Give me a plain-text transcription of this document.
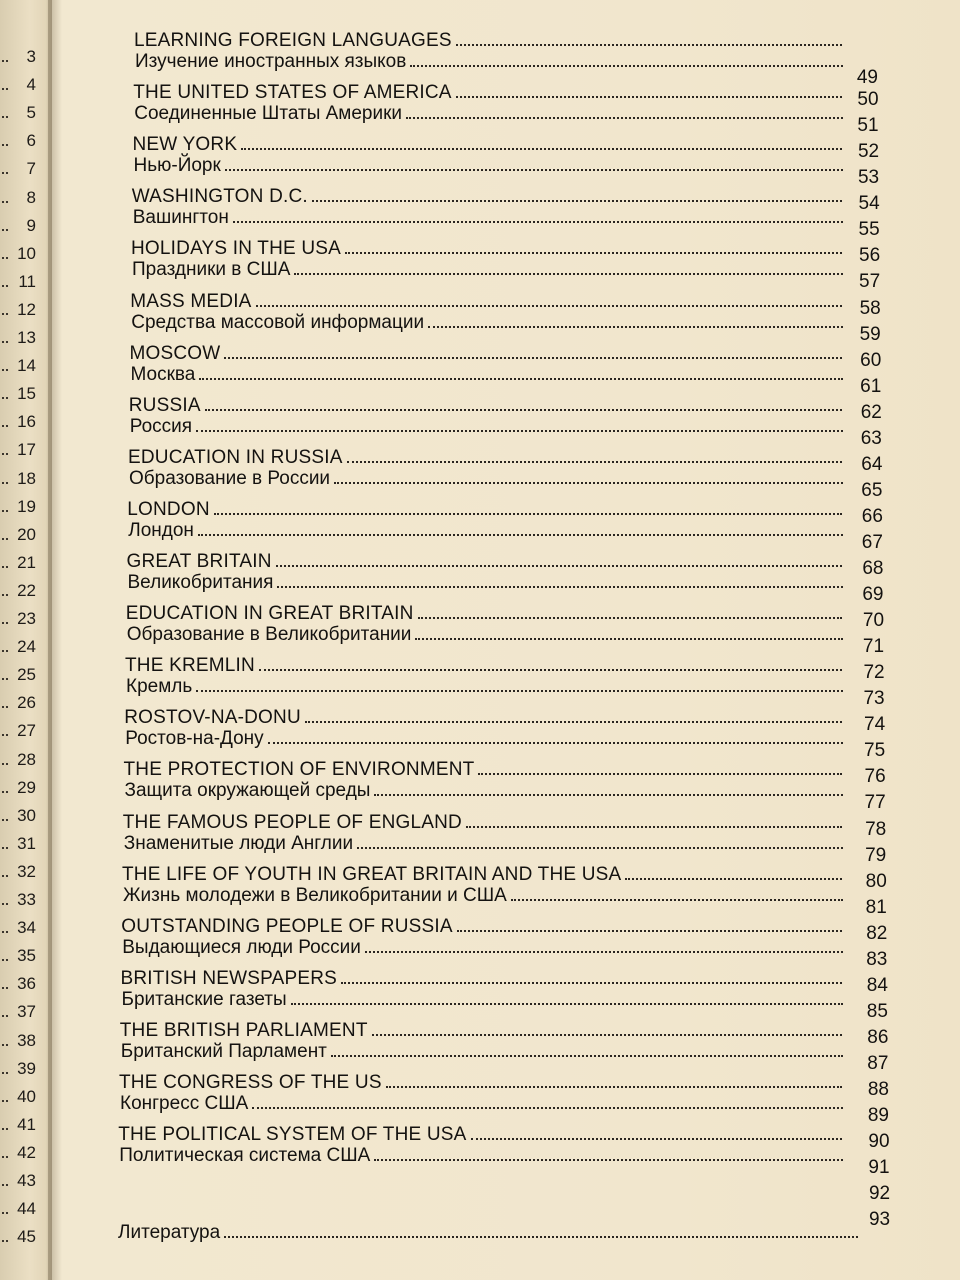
3
4
5
6
7
8
9
10
11
12
13
14
15
16
17
18
19
20
21
22
23
24
25
26
27
28
29
30
31
32
33
34
35
36
37
38
39
40
41
42
43
44
45
LEARNING FOREIGN LANGUAGES
Изучение иностранных языков
49
THE UNITED STATES OF AMERICA
Соединенные Штаты Америки
50
51
NEW YORK
Нью-Йорк
52
53
WASHINGTON D.C.
Вашингтон
54
55
HOLIDAYS IN THE USA
Праздники в США
56
57
MASS MEDIA
Средства массовой информации
58
59
MOSCOW
Москва
60
61
RUSSIA
Россия
62
63
EDUCATION IN RUSSIA
Образование в России
64
65
LONDON
Лондон
66
67
GREAT BRITAIN
Великобритания
68
69
EDUCATION IN GREAT BRITAIN
Образование в Великобритании
70
71
THE KREMLIN
Кремль
72
73
ROSTOV-NA-DONU
Ростов-на-Дону
74
75
THE PROTECTION OF ENVIRONMENT
Защита окружающей среды
76
77
THE FAMOUS PEOPLE OF ENGLAND
Знаменитые люди Англии
78
79
THE LIFE OF YOUTH IN GREAT BRITAIN AND THE USA
Жизнь молодежи в Великобритании и США
80
81
OUTSTANDING PEOPLE OF RUSSIA
Выдающиеся люди России
82
83
BRITISH NEWSPAPERS
Британские газеты
84
85
THE BRITISH PARLIAMENT
Британский Парламент
86
87
THE CONGRESS OF THE US
Конгресс США
88
89
THE POLITICAL SYSTEM OF THE USA
Политическая система США
90
91
92
93
Литература
